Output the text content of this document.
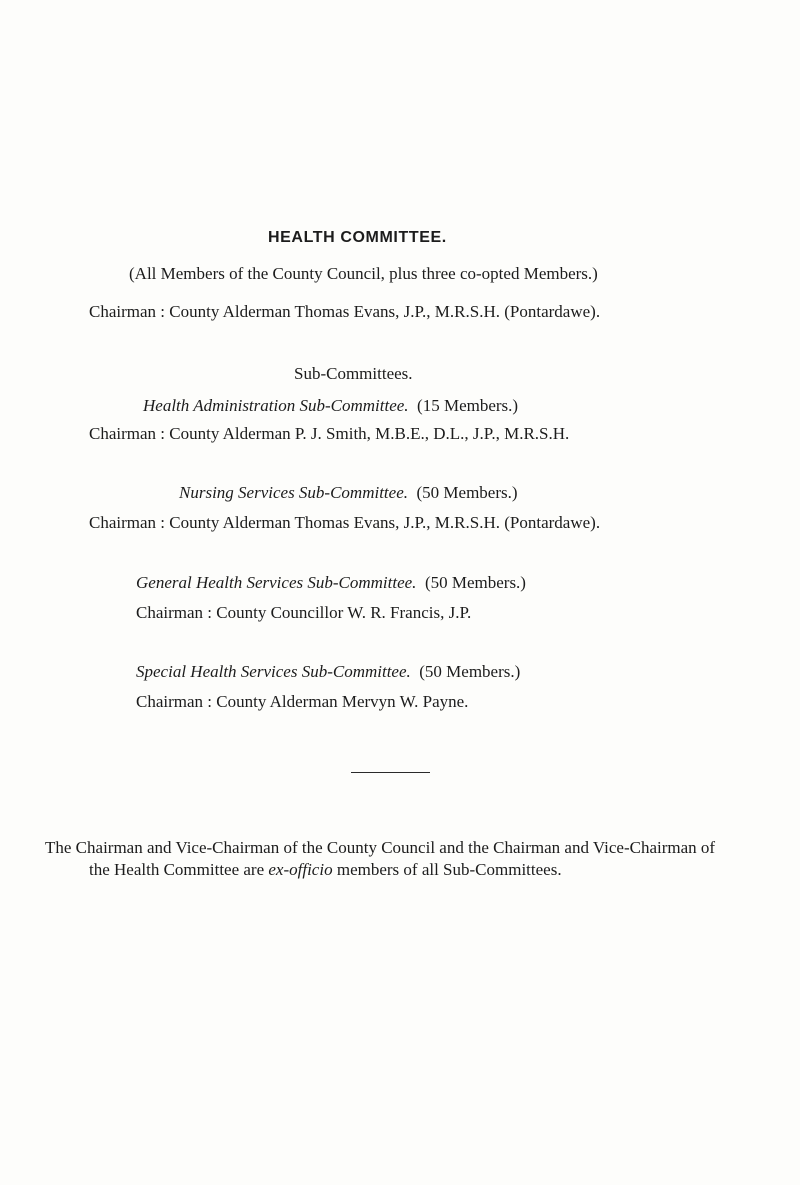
HEALTH COMMITTEE.
(All Members of the County Council, plus three co-opted Members.)
Chairman : County Alderman Thomas Evans, J.P., M.R.S.H. (Pontardawe).
Sub-Committees.
Health Administration Sub-Committee. (15 Members.)
Chairman : County Alderman P. J. Smith, M.B.E., D.L., J.P., M.R.S.H.
Nursing Services Sub-Committee. (50 Members.)
Chairman : County Alderman Thomas Evans, J.P., M.R.S.H. (Pontardawe).
General Health Services Sub-Committee. (50 Members.)
Chairman : County Councillor W. R. Francis, J.P.
Special Health Services Sub-Committee. (50 Members.)
Chairman : County Alderman Mervyn W. Payne.
The Chairman and Vice-Chairman of the County Council and the Chairman and Vice-Chairman of
the Health Committee are ex-officio members of all Sub-Committees.
